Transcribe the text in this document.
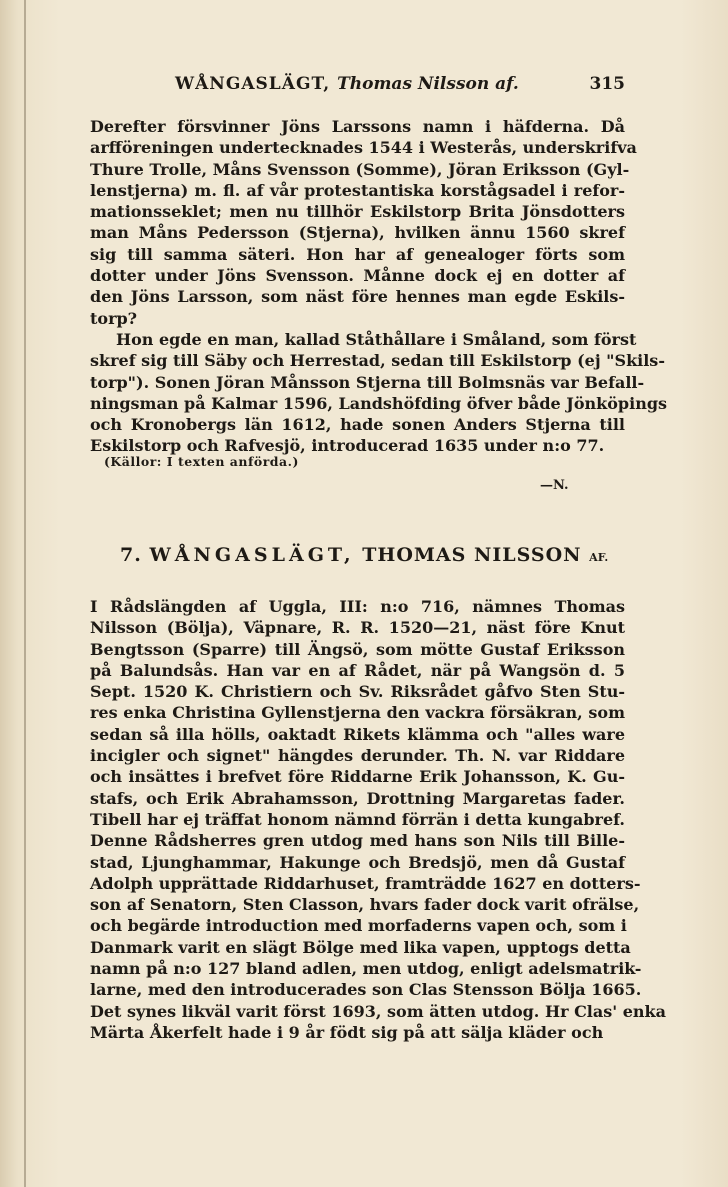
WÅNGASLÄGT, Thomas Nilsson af.	315
Derefter försvinner Jöns Larssons namn i häfderna. Då
arfföreningen undertecknades 1544 i Westerås, underskrifva
Thure Trolle, Måns Svensson (Somme), Jöran Eriksson (Gyl-
lenstjerna) m. fl. af vår protestantiska korstågsadel i refor-
mationsseklet; men nu tillhör Eskilstorp Brita Jönsdotters
man Måns Pedersson (Stjerna), hvilken ännu 1560 skref
sig till samma säteri. Hon har af genealoger förts som
dotter under Jöns Svensson. Månne dock ej en dotter af
den Jöns Larsson, som näst före hennes man egde Eskils-
torp?
Hon egde en man, kallad Ståthållare i Småland, som först
skref sig till Säby och Herrestad, sedan till Eskilstorp (ej "Skils-
torp"). Sonen Jöran Månsson Stjerna till Bolmsnäs var Befall-
ningsman på Kalmar 1596, Landshöfding öfver både Jönköpings
och Kronobergs län 1612, hade sonen Anders Stjerna till
Eskilstorp och Rafvesjö, introducerad 1635 under n:o 77.
(Källor: I texten anförda.)
—N.
7. WÅNGASLÄGT, THOMAS NILSSON AF.
I Rådslängden af Uggla, III: n:o 716, nämnes Thomas
Nilsson (Bölja), Väpnare, R. R. 1520—21, näst före Knut
Bengtsson (Sparre) till Ängsö, som mötte Gustaf Eriksson
på Balundsås. Han var en af Rådet, när på Wangsön d. 5
Sept. 1520 K. Christiern och Sv. Riksrådet gåfvo Sten Stu-
res enka Christina Gyllenstjerna den vackra försäkran, som
sedan så illa hölls, oaktadt Rikets klämma och "alles ware
incigler och signet" hängdes derunder. Th. N. var Riddare
och insättes i brefvet före Riddarne Erik Johansson, K. Gu-
stafs, och Erik Abrahamsson, Drottning Margaretas fader.
Tibell har ej träffat honom nämnd förrän i detta kungabref.
Denne Rådsherres gren utdog med hans son Nils till Bille-
stad, Ljunghammar, Hakunge och Bredsjö, men då Gustaf
Adolph upprättade Riddarhuset, framträdde 1627 en dotters-
son af Senatorn, Sten Classon, hvars fader dock varit ofrälse,
och begärde introduction med morfaderns vapen och, som i
Danmark varit en slägt Bölge med lika vapen, upptogs detta
namn på n:o 127 bland adlen, men utdog, enligt adelsmatrik-
larne, med den introducerades son Clas Stensson Bölja 1665.
Det synes likväl varit först 1693, som ätten utdog. Hr Clas' enka
Märta Åkerfelt hade i 9 år födt sig på att sälja kläder och
